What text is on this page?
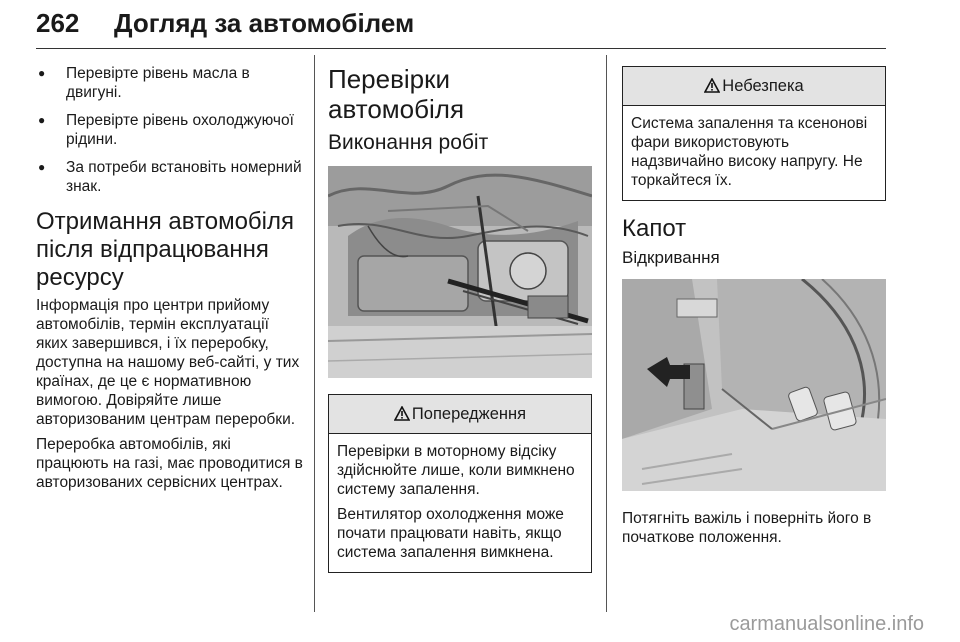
262 Догляд за автомобілем
● Перевірте рівень масла в двигуні.
● Перевірте рівень охолоджуючої рідини.
● За потреби встановіть номерний знак.
Отримання автомобіля після відпрацювання ресурсу

Інформація про центри прийому автомобілів, термін експлуатації яких завершився, і їх переробку, доступна на нашому веб-сайті, у тих країнах, де це є нормативною вимогою. Довіряйте лише авторизованим центрам переробки.

Переробка автомобілів, які працюють на газі, має проводитися в авторизованих сервісних центрах.

Перевірки автомобіля
Виконання робіт
Попередження

Перевірки в моторному відсіку здійснюйте лише, коли вимкнено систему запалення.

Вентилятор охолодження може почати працювати навіть, якщо система запалення вимкнена.

Небезпека

Система запалення та ксенонові фари використовують надзвичайно високу напругу. Не торкайтеся їх.

Капот
Відкривання

Потягніть важіль і поверніть його в початкове положення.

carmanualsonline.info
